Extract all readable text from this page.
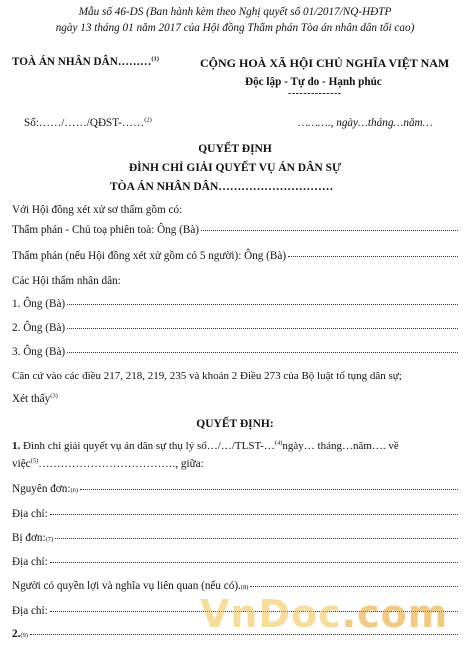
Mẫu số 46-DS (Ban hành kèm theo Nghị quyết số 01/2017/NQ-HĐTP
ngày 13 tháng 01 năm 2017 của Hội đồng Thẩm phán Tòa án nhân dân tối cao)
TOÀ ÁN NHÂN DÂN………$^{(1)}$	CỘNG HOÀ XÃ HỘI CHỦ NGHĨA VIỆT NAM
Độc lập - Tự do - Hạnh phúc
--------------
Số:……/……/QĐST-……$^{(2)}$	………., ngày…tháng…năm…
QUYẾT ĐỊNH
ĐÌNH CHỈ GIẢI QUYẾT VỤ ÁN DÂN SỰ
TÒA ÁN NHÂN DÂN…………………………
Với Hội đồng xét xử sơ thẩm gồm có:
Thẩm phán - Chủ toạ phiên toà: Ông (Bà)
Thẩm phán (nếu Hội đồng xét xử gồm có 5 người): Ông (Bà)
Các Hội thẩm nhân dân:
1. Ông (Bà)
2. Ông (Bà)
3. Ông (Bà)
Căn cứ vào các điều 217, 218, 219, 235 và khoản 2 Điều 273 của Bộ luật tố tụng dân sự;
Xét thấy$^{(3)}$
QUYẾT ĐỊNH:
1. Đình chỉ giải quyết vụ án dân sự thụ lý số…/…/TLST-…$^{(4)}$ngày… tháng…năm…. về
việc$^{(5)}$………………………………., giữa:
Nguyên đơn: (6)
Địa chỉ:
Bị đơn: (7)
Địa chỉ:
Người có quyền lợi và nghĩa vụ liên quan (nếu có). (8)
Địa chỉ:
2. (9)	VnDoc.com
